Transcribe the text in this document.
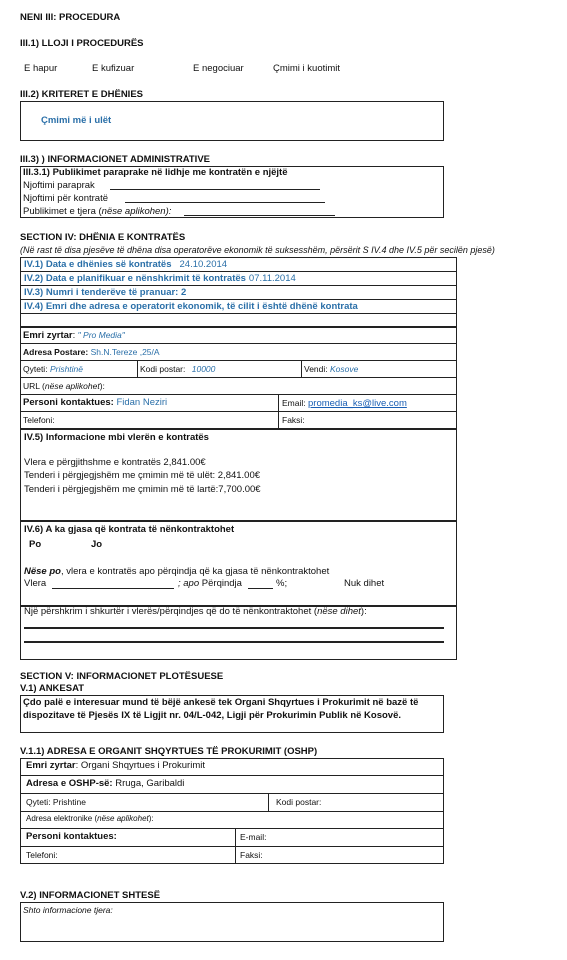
NENI III: PROCEDURA
III.1) LLOJI I PROCEDURËS
E hapur	E kufizuar	E negociuar	Çmimi i kuotimit
III.2) KRITERET E DHËNIES
Çmimi më i ulët
III.3) ) INFORMACIONET ADMINISTRATIVE
III.3.1) Publikimet paraprake në lidhje me kontratën e njëjtë
Njoftimi paraprak
Njoftimi për kontratë
Publikimet e tjera (nëse aplikohen):
SECTION IV: DHËNIA E KONTRATËS
(Në rast të disa pjesëve të dhëna disa operatorëve ekonomik të suksesshëm, përsërit S IV.4 dhe IV.5 për secilën pjesë)
IV.1) Data e dhënies së kontratës 24.10.2014
IV.2) Data e planifikuar e nënshkrimit të kontratës 07.11.2014
IV.3) Numri i tenderëve të pranuar: 2
IV.4) Emri dhe adresa e operatorit ekonomik, të cilit i është dhënë kontrata
Emri zyrtar: " Pro Media"
Adresa Postare: Sh.N.Tereze ,25/A
Qyteti: Prishtinë	Kodi postar: 10000	Vendi: Kosove
URL (nëse aplikohet):
Personi kontaktues: Fidan Neziri	Email: promedia_ks@live.com
Telefoni:	Faksi:
IV.5) Informacione mbi vlerën e kontratës
Vlera e përgjithshme e kontratës 2,841.00€
Tenderi i përgjegjshëm me çmimin më të ulët: 2,841.00€
Tenderi i përgjegjshëm me çmimin më të lartë:7,700.00€
IV.6) A ka gjasa që kontrata të nënkontraktohet
Po	Jo
Nëse po, vlera e kontratës apo përqindja që ka gjasa të nënkontraktohet
Vlera	; apo Përqindja	%;	Nuk dihet
Një përshkrim i shkurtër i vlerës/përqindjes që do të nënkontraktohet (nëse dihet):
SECTION V: INFORMACIONET PLOTËSUESE
V.1) ANKESAT
Çdo palë e interesuar mund të bëjë ankesë tek Organi Shqyrtues i Prokurimit në bazë të
dispozitave të Pjesës IX të Ligjit nr. 04/L-042, Ligji për Prokurimin Publik në Kosovë.
V.1.1) ADRESA E ORGANIT SHQYRTUES TË PROKURIMIT (OSHP)
Emri zyrtar: Organi Shqyrtues i Prokurimit
Adresa e OSHP-së: Rruga, Garibaldi
Qyteti: Prishtine	Kodi postar:
Adresa elektronike (nëse aplikohet):
Personi kontaktues:	E-mail:
Telefoni:	Faksi:
V.2) INFORMACIONET SHTESË
Shto informacione tjera:
